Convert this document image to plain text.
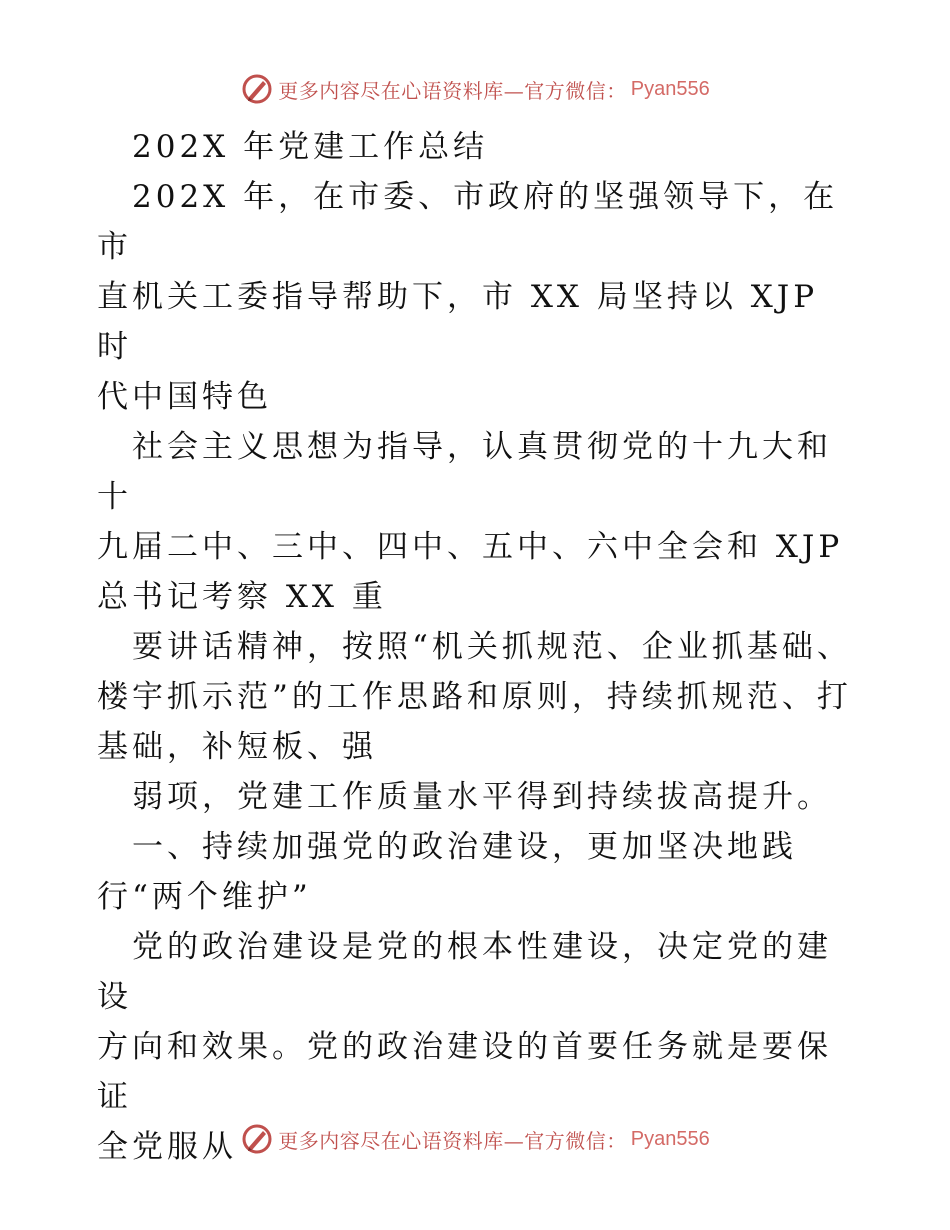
更多内容尽在心语资料库—官方微信： Pyan556

　202X 年党建工作总结

　202X 年，在市委、市政府的坚强领导下，在市

直机关工委指导帮助下，市 XX 局坚持以 XJP 时

代中国特色

　社会主义思想为指导，认真贯彻党的十九大和十

九届二中、三中、四中、五中、六中全会和 XJP

总书记考察 XX 重

　要讲话精神，按照“机关抓规范、企业抓基础、

楼宇抓示范”的工作思路和原则，持续抓规范、打

基础，补短板、强

　弱项，党建工作质量水平得到持续拔高提升。

　一、持续加强党的政治建设，更加坚决地践

行“两个维护”

　党的政治建设是党的根本性建设，决定党的建设

方向和效果。党的政治建设的首要任务就是要保证

全党服从	更多内容尽在心语资料库—官方微信： Pyan556
